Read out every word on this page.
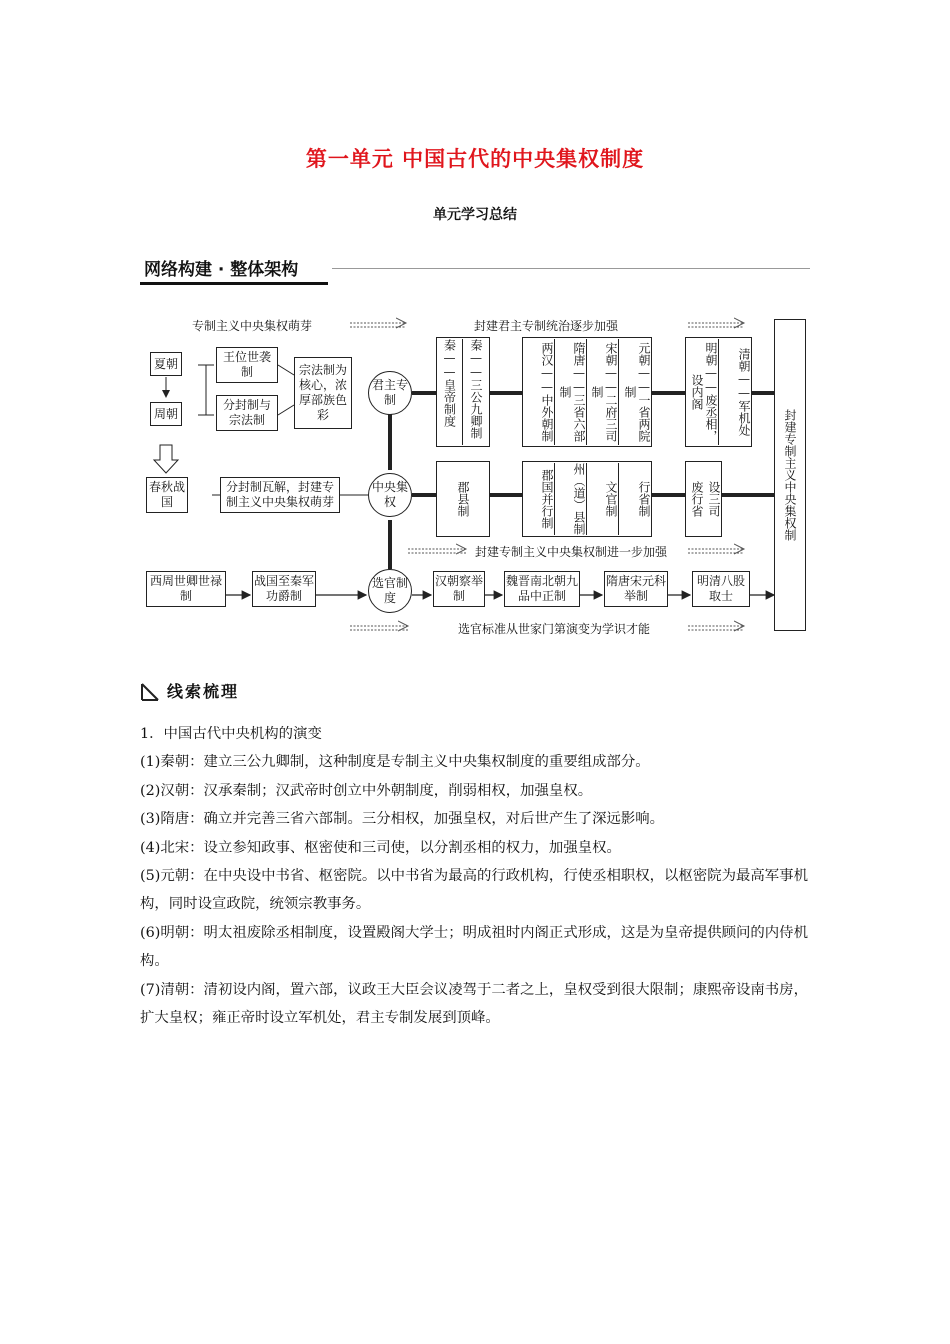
第一单元 中国古代的中央集权制度
单元学习总结
网络构建 · 整体架构
专制主义中央集权萌芽	封建君主专制统治逐步加强
封建专制主义中央集权制进一步加强
选官标准从世家门第演变为学识才能
夏朝
周朝
王位世袭制
分封制与宗法制
宗法制为核心，浓厚部族色彩
春秋战国
分封制瓦解，封建专制主义中央集权萌芽
君主专制
中央集权
选官制度
秦——皇帝制度	秦——三公九卿制
郡县制
两汉——中外朝制	隋唐——三省六部制	宋朝——二府三司制	元朝——一省两院制
郡国并行制	州（道）县制	文官制	行省制
明朝——废丞相，设内阁	清朝——军机处
废行省 设三司	封建专制主义中央集权制
西周世卿世禄制
战国至秦军功爵制
汉朝察举制
魏晋南北朝九品中正制
隋唐宋元科举制
明清八股取士
线索梳理

1．中国古代中央机构的演变

(1)秦朝：建立三公九卿制，这种制度是专制主义中央集权制度的重要组成部分。

(2)汉朝：汉承秦制；汉武帝时创立中外朝制度，削弱相权，加强皇权。

(3)隋唐：确立并完善三省六部制。三分相权，加强皇权，对后世产生了深远影响。

(4)北宋：设立参知政事、枢密使和三司使，以分割丞相的权力，加强皇权。

(5)元朝：在中央设中书省、枢密院。以中书省为最高的行政机构，行使丞相职权，以枢密院为最高军事机构，同时设宣政院，统领宗教事务。

(6)明朝：明太祖废除丞相制度，设置殿阁大学士；明成祖时内阁正式形成，这是为皇帝提供顾问的内侍机构。

(7)清朝：清初设内阁，置六部，议政王大臣会议凌驾于二者之上，皇权受到很大限制；康熙帝设南书房，扩大皇权；雍正帝时设立军机处，君主专制发展到顶峰。
